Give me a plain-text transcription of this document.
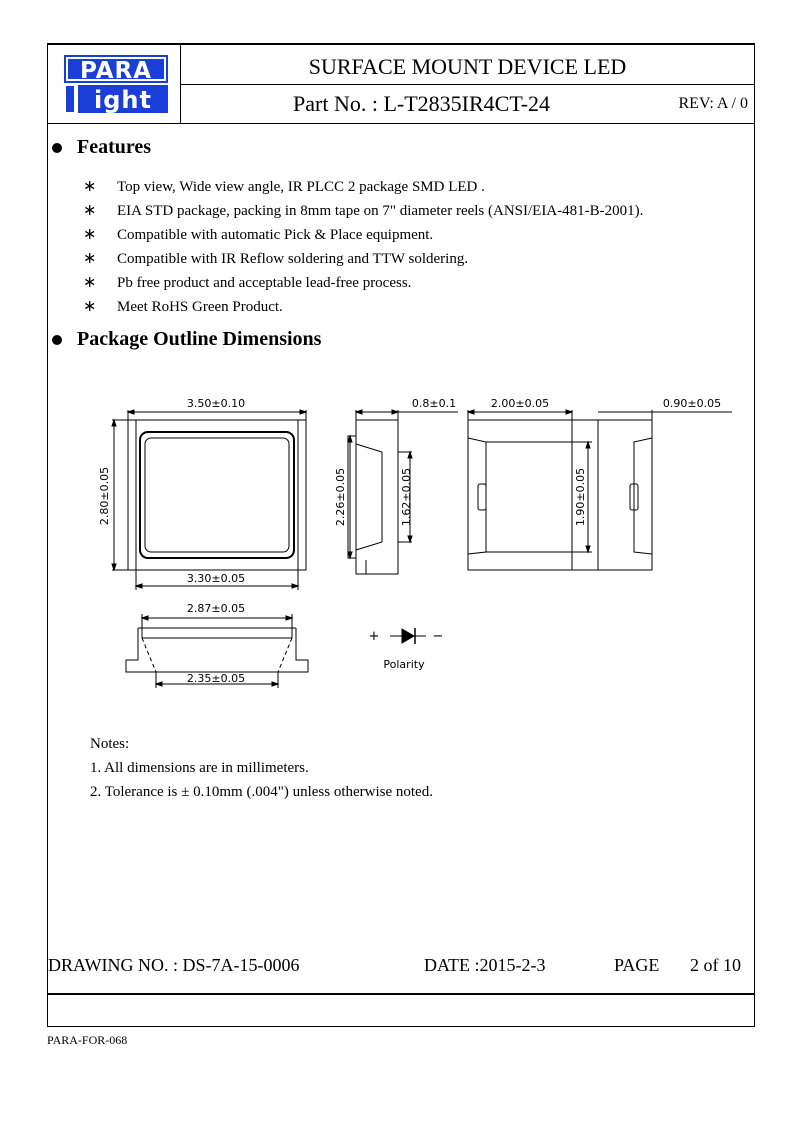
PARA
ight
SURFACE MOUNT DEVICE LED
Part No. : L-T2835IR4CT-24	REV: A / 0
Features
∗ Top view, Wide view angle, IR PLCC 2 package SMD LED .
∗ EIA STD package, packing in 8mm tape on 7" diameter reels (ANSI/EIA-481-B-2001).
∗ Compatible with automatic Pick & Place equipment.
∗ Compatible with IR Reflow soldering and TTW soldering.
∗ Pb free product and acceptable lead-free process.
∗ Meet RoHS Green Product.
Package Outline Dimensions
3.50±0.10
3.30±0.05
2.80±0.05
0.8±0.1
2.26±0.05	1.62±0.05
2.00±0.05	0.90±0.05
1.90±0.05
2.87±0.05
2.35±0.05
+	−
Polarity
Notes:
1. All dimensions are in millimeters.
2. Tolerance is ± 0.10mm (.004") unless otherwise noted.
DRAWING NO. : DS-7A-15-0006	DATE :2015-2-3	PAGE 2 of 10
PARA-FOR-068
